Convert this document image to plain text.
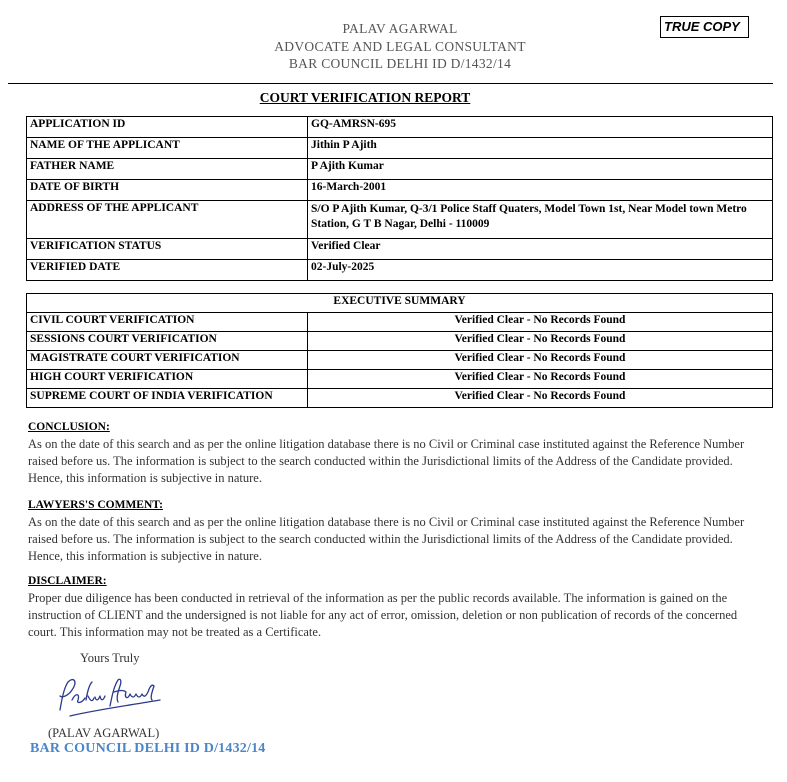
PALAV AGARWAL
ADVOCATE AND LEGAL CONSULTANT
BAR COUNCIL DELHI ID D/1432/14
TRUE COPY
COURT VERIFICATION REPORT
APPLICATION ID	GQ-AMRSN-695
NAME OF THE APPLICANT	Jithin P Ajith
FATHER NAME	P Ajith Kumar
DATE OF BIRTH	16-March-2001
ADDRESS OF THE APPLICANT	S/O P Ajith Kumar, Q-3/1 Police Staff Quaters, Model Town 1st, Near Model town Metro Station, G T B Nagar, Delhi - 110009
VERIFICATION STATUS	Verified Clear
VERIFIED DATE	02-July-2025
EXECUTIVE SUMMARY	
CIVIL COURT VERIFICATION	Verified Clear - No Records Found
SESSIONS COURT VERIFICATION	Verified Clear - No Records Found
MAGISTRATE COURT VERIFICATION	Verified Clear - No Records Found
HIGH COURT VERIFICATION	Verified Clear - No Records Found
SUPREME COURT OF INDIA VERIFICATION	Verified Clear - No Records Found
CONCLUSION:
As on the date of this search and as per the online litigation database there is no Civil or Criminal case instituted against the Reference Number raised before us. The information is subject to the search conducted within the Jurisdictional limits of the Address of the Candidate provided. Hence, this information is subjective in nature.
LAWYERS'S COMMENT:
As on the date of this search and as per the online litigation database there is no Civil or Criminal case instituted against the Reference Number raised before us. The information is subject to the search conducted within the Jurisdictional limits of the Address of the Candidate provided. Hence, this information is subjective in nature.
DISCLAIMER:
Proper due diligence has been conducted in retrieval of the information as per the public records available. The information is gained on the instruction of CLIENT and the undersigned is not liable for any act of error, omission, deletion or non publication of records of the concerned court. This information may not be treated as a Certificate.
Yours Truly
(PALAV AGARWAL)
BAR COUNCIL DELHI ID D/1432/14
